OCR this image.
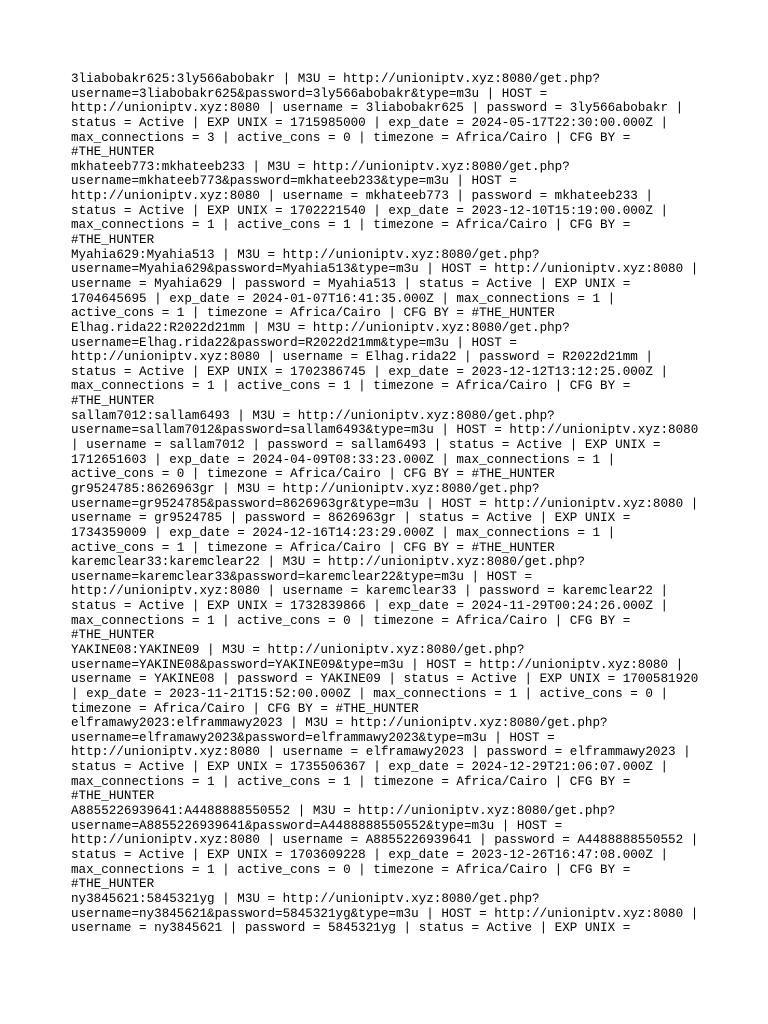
3liabobakr625:3ly566abobakr | M3U = http://unioniptv.xyz:8080/get.php?
username=3liabobakr625&password=3ly566abobakr&type=m3u | HOST =
http://unioniptv.xyz:8080 | username = 3liabobakr625 | password = 3ly566abobakr |
status = Active | EXP UNIX = 1715985000 | exp_date = 2024-05-17T22:30:00.000Z |
max_connections = 3 | active_cons = 0 | timezone = Africa/Cairo | CFG BY =
#THE_HUNTER
mkhateeb773:mkhateeb233 | M3U = http://unioniptv.xyz:8080/get.php?
username=mkhateeb773&password=mkhateeb233&type=m3u | HOST =
http://unioniptv.xyz:8080 | username = mkhateeb773 | password = mkhateeb233 |
status = Active | EXP UNIX = 1702221540 | exp_date = 2023-12-10T15:19:00.000Z |
max_connections = 1 | active_cons = 1 | timezone = Africa/Cairo | CFG BY =
#THE_HUNTER
Myahia629:Myahia513 | M3U = http://unioniptv.xyz:8080/get.php?
username=Myahia629&password=Myahia513&type=m3u | HOST = http://unioniptv.xyz:8080 |
username = Myahia629 | password = Myahia513 | status = Active | EXP UNIX =
1704645695 | exp_date = 2024-01-07T16:41:35.000Z | max_connections = 1 |
active_cons = 1 | timezone = Africa/Cairo | CFG BY = #THE_HUNTER
Elhag.rida22:R2022d21mm | M3U = http://unioniptv.xyz:8080/get.php?
username=Elhag.rida22&password=R2022d21mm&type=m3u | HOST =
http://unioniptv.xyz:8080 | username = Elhag.rida22 | password = R2022d21mm |
status = Active | EXP UNIX = 1702386745 | exp_date = 2023-12-12T13:12:25.000Z |
max_connections = 1 | active_cons = 1 | timezone = Africa/Cairo | CFG BY =
#THE_HUNTER
sallam7012:sallam6493 | M3U = http://unioniptv.xyz:8080/get.php?
username=sallam7012&password=sallam6493&type=m3u | HOST = http://unioniptv.xyz:8080
| username = sallam7012 | password = sallam6493 | status = Active | EXP UNIX =
1712651603 | exp_date = 2024-04-09T08:33:23.000Z | max_connections = 1 |
active_cons = 0 | timezone = Africa/Cairo | CFG BY = #THE_HUNTER
gr9524785:8626963gr | M3U = http://unioniptv.xyz:8080/get.php?
username=gr9524785&password=8626963gr&type=m3u | HOST = http://unioniptv.xyz:8080 |
username = gr9524785 | password = 8626963gr | status = Active | EXP UNIX =
1734359009 | exp_date = 2024-12-16T14:23:29.000Z | max_connections = 1 |
active_cons = 1 | timezone = Africa/Cairo | CFG BY = #THE_HUNTER
karemclear33:karemclear22 | M3U = http://unioniptv.xyz:8080/get.php?
username=karemclear33&password=karemclear22&type=m3u | HOST =
http://unioniptv.xyz:8080 | username = karemclear33 | password = karemclear22 |
status = Active | EXP UNIX = 1732839866 | exp_date = 2024-11-29T00:24:26.000Z |
max_connections = 1 | active_cons = 0 | timezone = Africa/Cairo | CFG BY =
#THE_HUNTER
YAKINE08:YAKINE09 | M3U = http://unioniptv.xyz:8080/get.php?
username=YAKINE08&password=YAKINE09&type=m3u | HOST = http://unioniptv.xyz:8080 |
username = YAKINE08 | password = YAKINE09 | status = Active | EXP UNIX = 1700581920
| exp_date = 2023-11-21T15:52:00.000Z | max_connections = 1 | active_cons = 0 |
timezone = Africa/Cairo | CFG BY = #THE_HUNTER
elframawy2023:elframmawy2023 | M3U = http://unioniptv.xyz:8080/get.php?
username=elframawy2023&password=elframmawy2023&type=m3u | HOST =
http://unioniptv.xyz:8080 | username = elframawy2023 | password = elframmawy2023 |
status = Active | EXP UNIX = 1735506367 | exp_date = 2024-12-29T21:06:07.000Z |
max_connections = 1 | active_cons = 1 | timezone = Africa/Cairo | CFG BY =
#THE_HUNTER
A8855226939641:A4488888550552 | M3U = http://unioniptv.xyz:8080/get.php?
username=A8855226939641&password=A4488888550552&type=m3u | HOST =
http://unioniptv.xyz:8080 | username = A8855226939641 | password = A4488888550552 |
status = Active | EXP UNIX = 1703609228 | exp_date = 2023-12-26T16:47:08.000Z |
max_connections = 1 | active_cons = 0 | timezone = Africa/Cairo | CFG BY =
#THE_HUNTER
ny3845621:5845321yg | M3U = http://unioniptv.xyz:8080/get.php?
username=ny3845621&password=5845321yg&type=m3u | HOST = http://unioniptv.xyz:8080 |
username = ny3845621 | password = 5845321yg | status = Active | EXP UNIX =
